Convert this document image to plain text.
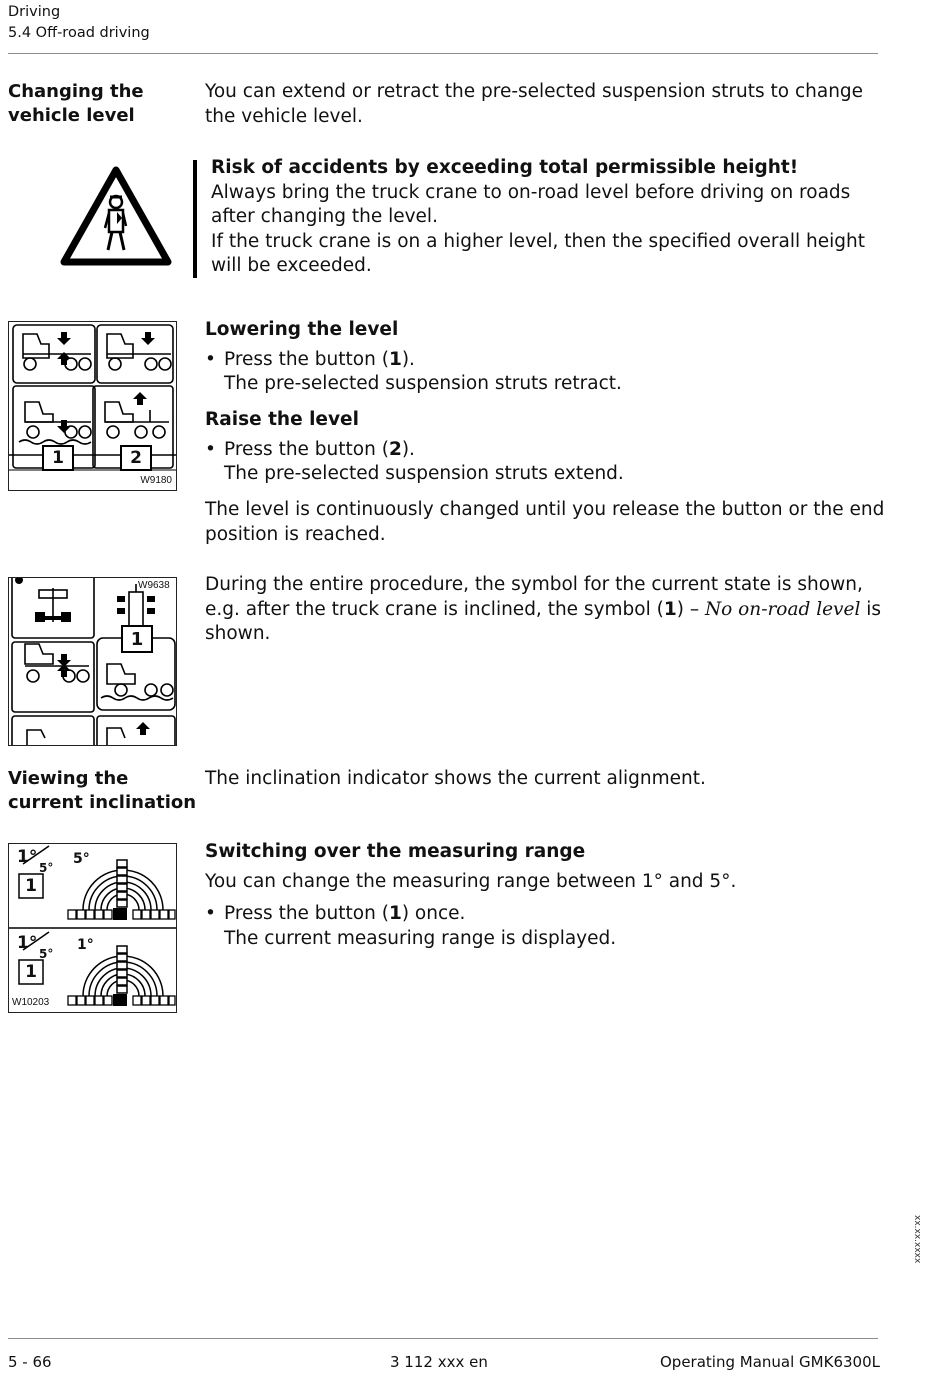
Driving
5.4 Off-road driving
Changing the
vehicle level
You can extend or retract the pre-selected suspension struts to change the vehicle level.
Risk of accidents by exceeding total permissible height!
Always bring the truck crane to on-road level before driving on roads after changing the level.
If the truck crane is on a higher level, then the specified overall height will be exceeded.
1	2
W9180
Lowering the level
• Press the button (1).
The pre-selected suspension struts retract.
Raise the level
• Press the button (2).
The pre-selected suspension struts extend.
The level is continuously changed until you release the button or the end position is reached.
1
W9638 During the entire procedure, the symbol for the current state is shown, e.g. after the truck crane is inclined, the symbol (1) – No on-road level is shown.
Viewing the
current inclination
The inclination indicator shows the current alignment.
1°
5°
1
5°
1°
5°
1
1°
W10203
Switching over the measuring range
You can change the measuring range between 1° and 5°.
• Press the button (1) once.
The current measuring range is displayed.
xx.xx.xxxx
5 - 66	3 112 xxx en	Operating Manual GMK6300L
